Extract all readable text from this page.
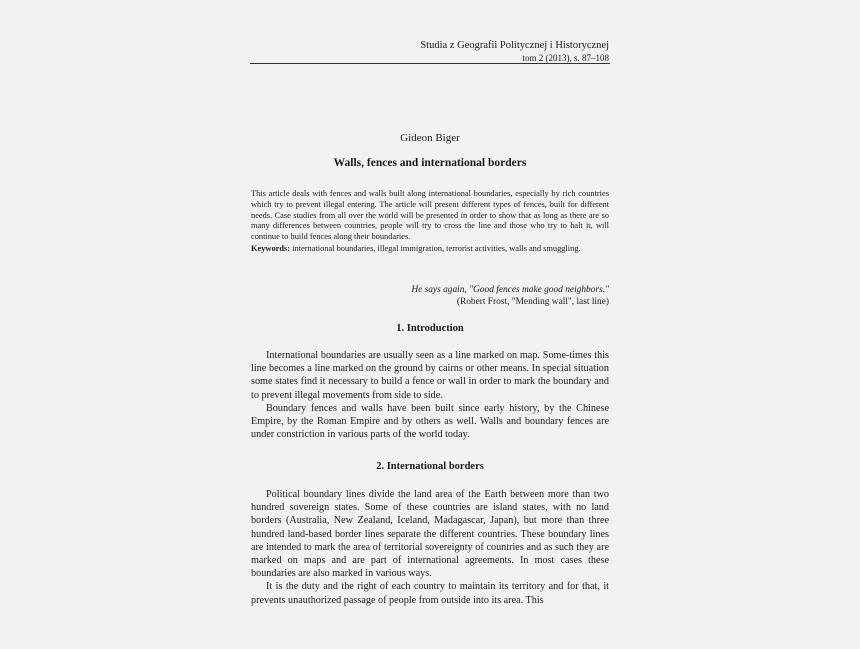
Studia z Geografii Politycznej i Historycznej
tom 2 (2013), s. 87–108
Gideon Biger
Walls, fences and international borders
This article deals with fences and walls built along international boundaries, especially by rich countries which try to prevent illegal entering. The article will present different types of fences, built for different needs. Case studies from all over the world will be presented in order to show that as long as there are so many differences between countries, people will try to cross the line and those who try to halt it, will continue to build fences along their boundaries.
Keywords: international boundaries, illegal immigration, terrorist activities, walls and smuggling.
He says again, "Good fences make good neighbors."
(Robert Frost, "Mending wall", last line)
1. Introduction

International boundaries are usually seen as a line marked on map. Some-times this line becomes a line marked on the ground by cairns or other means. In special situation some states find it necessary to build a fence or wall in order to mark the boundary and to prevent illegal movements from side to side.

Boundary fences and walls have been built since early history, by the Chinese Empire, by the Roman Empire and by others as well. Walls and boundary fences are under constriction in various parts of the world today.

2. International borders

Political boundary lines divide the land area of the Earth between more than two hundred sovereign states. Some of these countries are island states, with no land borders (Australia, New Zealand, Iceland, Madagascar, Japan), but more than three hundred land-based border lines separate the different countries. These boundary lines are intended to mark the area of territorial sovereignty of countries and as such they are marked on maps and are part of international agreements. In most cases these boundaries are also marked in various ways.

It is the duty and the right of each country to maintain its territory and for that, it prevents unauthorized passage of people from outside into its area. This
